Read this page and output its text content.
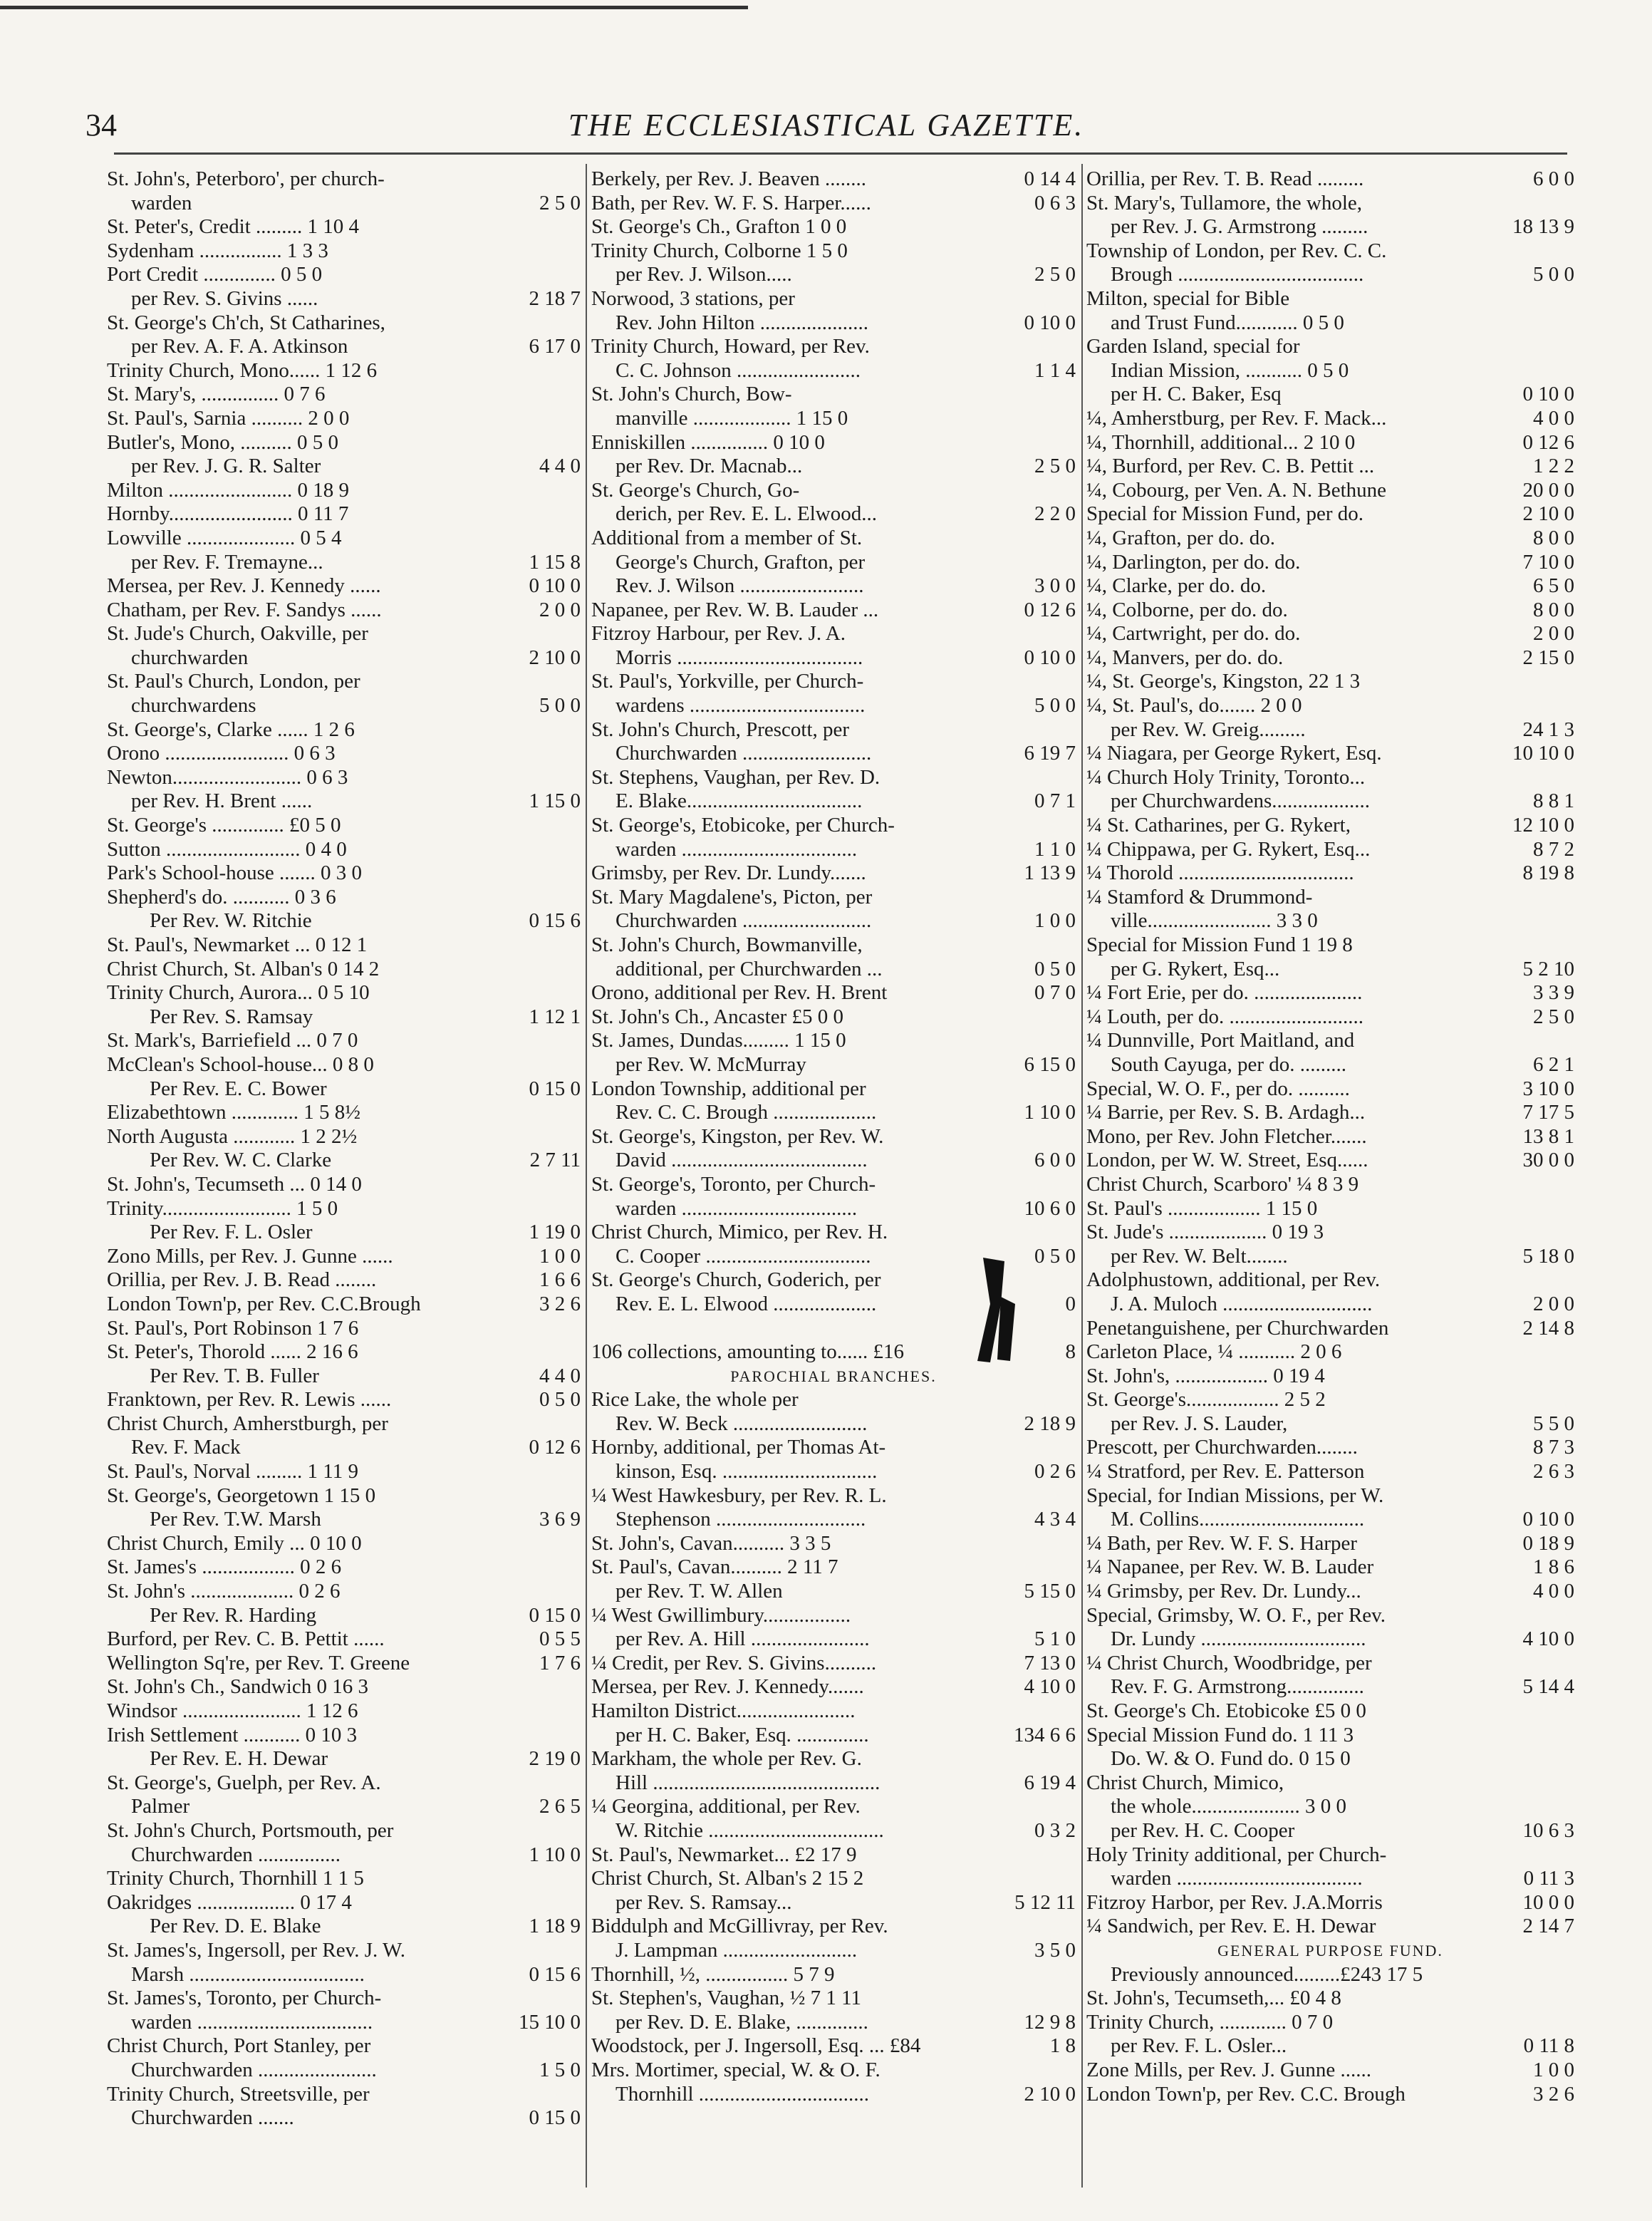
34	THE ECCLESIASTICAL GAZETTE.
St. John's, Peterboro', per church-
warden	2 5 0
St. Peter's, Credit ......... 1 10 4
Sydenham ................ 1 3 3
Port Credit .............. 0 5 0
per Rev. S. Givins ......	2 18 7
St. George's Ch'ch, St Catharines,
per Rev. A. F. A. Atkinson	6 17 0
Trinity Church, Mono...... 1 12 6
St. Mary's, ............... 0 7 6
St. Paul's, Sarnia .......... 2 0 0
Butler's, Mono, .......... 0 5 0
per Rev. J. G. R. Salter	4 4 0
Milton ........................ 0 18 9
Hornby........................ 0 11 7
Lowville ..................... 0 5 4
per Rev. F. Tremayne...	1 15 8
Mersea, per Rev. J. Kennedy ......	0 10 0
Chatham, per Rev. F. Sandys ......	2 0 0
St. Jude's Church, Oakville, per
churchwarden	2 10 0
St. Paul's Church, London, per
churchwardens	5 0 0
St. George's, Clarke ...... 1 2 6
Orono ........................ 0 6 3
Newton......................... 0 6 3
per Rev. H. Brent ......	1 15 0
St. George's .............. £0 5 0
Sutton .......................... 0 4 0
Park's School-house ....... 0 3 0
Shepherd's do. ........... 0 3 6
Per Rev. W. Ritchie	0 15 6
St. Paul's, Newmarket ... 0 12 1
Christ Church, St. Alban's 0 14 2
Trinity Church, Aurora... 0 5 10
Per Rev. S. Ramsay	1 12 1
St. Mark's, Barriefield ... 0 7 0
McClean's School-house... 0 8 0
Per Rev. E. C. Bower	0 15 0
Elizabethtown ............. 1 5 8½
North Augusta ............ 1 2 2½
Per Rev. W. C. Clarke	2 7 11
St. John's, Tecumseth ... 0 14 0
Trinity......................... 1 5 0
Per Rev. F. L. Osler	1 19 0
Zono Mills, per Rev. J. Gunne ......	1 0 0
Orillia, per Rev. J. B. Read ........	1 6 6
London Town'p, per Rev. C.C.Brough	3 2 6
St. Paul's, Port Robinson 1 7 6
St. Peter's, Thorold ...... 2 16 6
Per Rev. T. B. Fuller	4 4 0
Franktown, per Rev. R. Lewis ......	0 5 0
Christ Church, Amherstburgh, per
Rev. F. Mack	0 12 6
St. Paul's, Norval ......... 1 11 9
St. George's, Georgetown 1 15 0
Per Rev. T.W. Marsh	3 6 9
Christ Church, Emily ... 0 10 0
St. James's .................. 0 2 6
St. John's .................... 0 2 6
Per Rev. R. Harding	0 15 0
Burford, per Rev. C. B. Pettit ......	0 5 5
Wellington Sq're, per Rev. T. Greene	1 7 6
St. John's Ch., Sandwich 0 16 3
Windsor ....................... 1 12 6
Irish Settlement ........... 0 10 3
Per Rev. E. H. Dewar	2 19 0
St. George's, Guelph, per Rev. A.
Palmer	2 6 5
St. John's Church, Portsmouth, per
Churchwarden ................	1 10 0
Trinity Church, Thornhill 1 1 5
Oakridges ................... 0 17 4
Per Rev. D. E. Blake	1 18 9
St. James's, Ingersoll, per Rev. J. W.
Marsh ..................................	0 15 6
St. James's, Toronto, per Church-
warden ..................................	15 10 0
Christ Church, Port Stanley, per
Churchwarden .......................	1 5 0
Trinity Church, Streetsville, per
Churchwarden .......	0 15 0
Berkely, per Rev. J. Beaven ........	0 14 4
Bath, per Rev. W. F. S. Harper......	0 6 3
St. George's Ch., Grafton 1 0 0
Trinity Church, Colborne 1 5 0
per Rev. J. Wilson.....	2 5 0
Norwood, 3 stations, per
Rev. John Hilton .....................	0 10 0
Trinity Church, Howard, per Rev.
C. C. Johnson ........................	1 1 4
St. John's Church, Bow-
manville ................... 1 15 0
Enniskillen ............... 0 10 0
per Rev. Dr. Macnab...	2 5 0
St. George's Church, Go-
derich, per Rev. E. L. Elwood...	2 2 0
Additional from a member of St.
George's Church, Grafton, per
Rev. J. Wilson ........................	3 0 0
Napanee, per Rev. W. B. Lauder ...	0 12 6
Fitzroy Harbour, per Rev. J. A.
Morris ....................................	0 10 0
St. Paul's, Yorkville, per Church-
wardens ..................................	5 0 0
St. John's Church, Prescott, per
Churchwarden .........................	6 19 7
St. Stephens, Vaughan, per Rev. D.
E. Blake..................................	0 7 1
St. George's, Etobicoke, per Church-
warden ..................................	1 1 0
Grimsby, per Rev. Dr. Lundy.......	1 13 9
St. Mary Magdalene's, Picton, per
Churchwarden .........................	1 0 0
St. John's Church, Bowmanville,
additional, per Churchwarden ...	0 5 0
Orono, additional per Rev. H. Brent	0 7 0
St. John's Ch., Ancaster £5 0 0
St. James, Dundas......... 1 15 0
per Rev. W. McMurray	6 15 0
London Township, additional per
Rev. C. C. Brough ....................	1 10 0
St. George's, Kingston, per Rev. W.
David ......................................	6 0 0
St. George's, Toronto, per Church-
warden ..................................	10 6 0
Christ Church, Mimico, per Rev. H.
C. Cooper ................................	0 5 0
St. George's Church, Goderich, per
Rev. E. L. Elwood ....................	0
106 collections, amounting to...... £16	8
PAROCHIAL BRANCHES.
Rice Lake, the whole per
Rev. W. Beck ..........................	2 18 9
Hornby, additional, per Thomas At-
kinson, Esq. ..............................	0 2 6
¼ West Hawkesbury, per Rev. R. L.
Stephenson .............................	4 3 4
St. John's, Cavan.......... 3 3 5
St. Paul's, Cavan.......... 2 11 7
per Rev. T. W. Allen	5 15 0
¼ West Gwillimbury.................
per Rev. A. Hill .......................	5 1 0
¼ Credit, per Rev. S. Givins..........	7 13 0
Mersea, per Rev. J. Kennedy.......	4 10 0
Hamilton District.......................
per H. C. Baker, Esq. ..............	134 6 6
Markham, the whole per Rev. G.
Hill ............................................	6 19 4
¼ Georgina, additional, per Rev.
W. Ritchie ..................................	0 3 2
St. Paul's, Newmarket... £2 17 9
Christ Church, St. Alban's 2 15 2
per Rev. S. Ramsay...	5 12 11
Biddulph and McGillivray, per Rev.
J. Lampman ..........................	3 5 0
Thornhill, ½, ................ 5 7 9
St. Stephen's, Vaughan, ½ 7 1 11
per Rev. D. E. Blake, ..............	12 9 8
Woodstock, per J. Ingersoll, Esq. ... £84	1 8
Mrs. Mortimer, special, W. & O. F.
Thornhill .................................	2 10 0
Orillia, per Rev. T. B. Read .........	6 0 0
St. Mary's, Tullamore, the whole,
per Rev. J. G. Armstrong .........	18 13 9
Township of London, per Rev. C. C.
Brough ....................................	5 0 0
Milton, special for Bible
and Trust Fund............ 0 5 0
Garden Island, special for
Indian Mission, ........... 0 5 0
per H. C. Baker, Esq	0 10 0
¼, Amherstburg, per Rev. F. Mack...	4 0 0
¼, Thornhill, additional... 2 10 0	0 12 6
¼, Burford, per Rev. C. B. Pettit ...	1 2 2
¼, Cobourg, per Ven. A. N. Bethune	20 0 0
Special for Mission Fund, per do.	2 10 0
¼, Grafton, per do. do.	8 0 0
¼, Darlington, per do. do.	7 10 0
¼, Clarke, per do. do.	6 5 0
¼, Colborne, per do. do.	8 0 0
¼, Cartwright, per do. do.	2 0 0
¼, Manvers, per do. do.	2 15 0
¼, St. George's, Kingston, 22 1 3
¼, St. Paul's, do....... 2 0 0
per Rev. W. Greig.........	24 1 3
¼ Niagara, per George Rykert, Esq.	10 10 0
¼ Church Holy Trinity, Toronto...
per Churchwardens...................	8 8 1
¼ St. Catharines, per G. Rykert,	12 10 0
¼ Chippawa, per G. Rykert, Esq...	8 7 2
¼ Thorold ..................................	8 19 8
¼ Stamford & Drummond-
ville........................ 3 3 0
Special for Mission Fund 1 19 8
per G. Rykert, Esq...	5 2 10
¼ Fort Erie, per do. .....................	3 3 9
¼ Louth, per do. ..........................	2 5 0
¼ Dunnville, Port Maitland, and
South Cayuga, per do. .........	6 2 1
Special, W. O. F., per do. ..........	3 10 0
¼ Barrie, per Rev. S. B. Ardagh...	7 17 5
Mono, per Rev. John Fletcher.......	13 8 1
London, per W. W. Street, Esq......	30 0 0
Christ Church, Scarboro' ¼ 8 3 9
St. Paul's .................. 1 15 0
St. Jude's ................... 0 19 3
per Rev. W. Belt........	5 18 0
Adolphustown, additional, per Rev.
J. A. Muloch .............................	2 0 0
Penetanguishene, per Churchwarden	2 14 8
Carleton Place, ¼ ........... 2 0 6
St. John's, .................. 0 19 4
St. George's.................. 2 5 2
per Rev. J. S. Lauder,	5 5 0
Prescott, per Churchwarden........	8 7 3
¼ Stratford, per Rev. E. Patterson	2 6 3
Special, for Indian Missions, per W.
M. Collins................................	0 10 0
¼ Bath, per Rev. W. F. S. Harper	0 18 9
¼ Napanee, per Rev. W. B. Lauder	1 8 6
¼ Grimsby, per Rev. Dr. Lundy...	4 0 0
Special, Grimsby, W. O. F., per Rev.
Dr. Lundy ................................	4 10 0
¼ Christ Church, Woodbridge, per
Rev. F. G. Armstrong...............	5 14 4
St. George's Ch. Etobicoke £5 0 0
Special Mission Fund do. 1 11 3
Do. W. & O. Fund do. 0 15 0
Christ Church, Mimico,
the whole..................... 3 0 0
per Rev. H. C. Cooper	10 6 3
Holy Trinity additional, per Church-
warden ....................................	0 11 3
Fitzroy Harbor, per Rev. J.A.Morris	10 0 0
¼ Sandwich, per Rev. E. H. Dewar	2 14 7
GENERAL PURPOSE FUND.
Previously announced.........£243 17 5
St. John's, Tecumseth,... £0 4 8
Trinity Church, ............. 0 7 0
per Rev. F. L. Osler...	0 11 8
Zone Mills, per Rev. J. Gunne ......	1 0 0
London Town'p, per Rev. C.C. Brough	3 2 6
